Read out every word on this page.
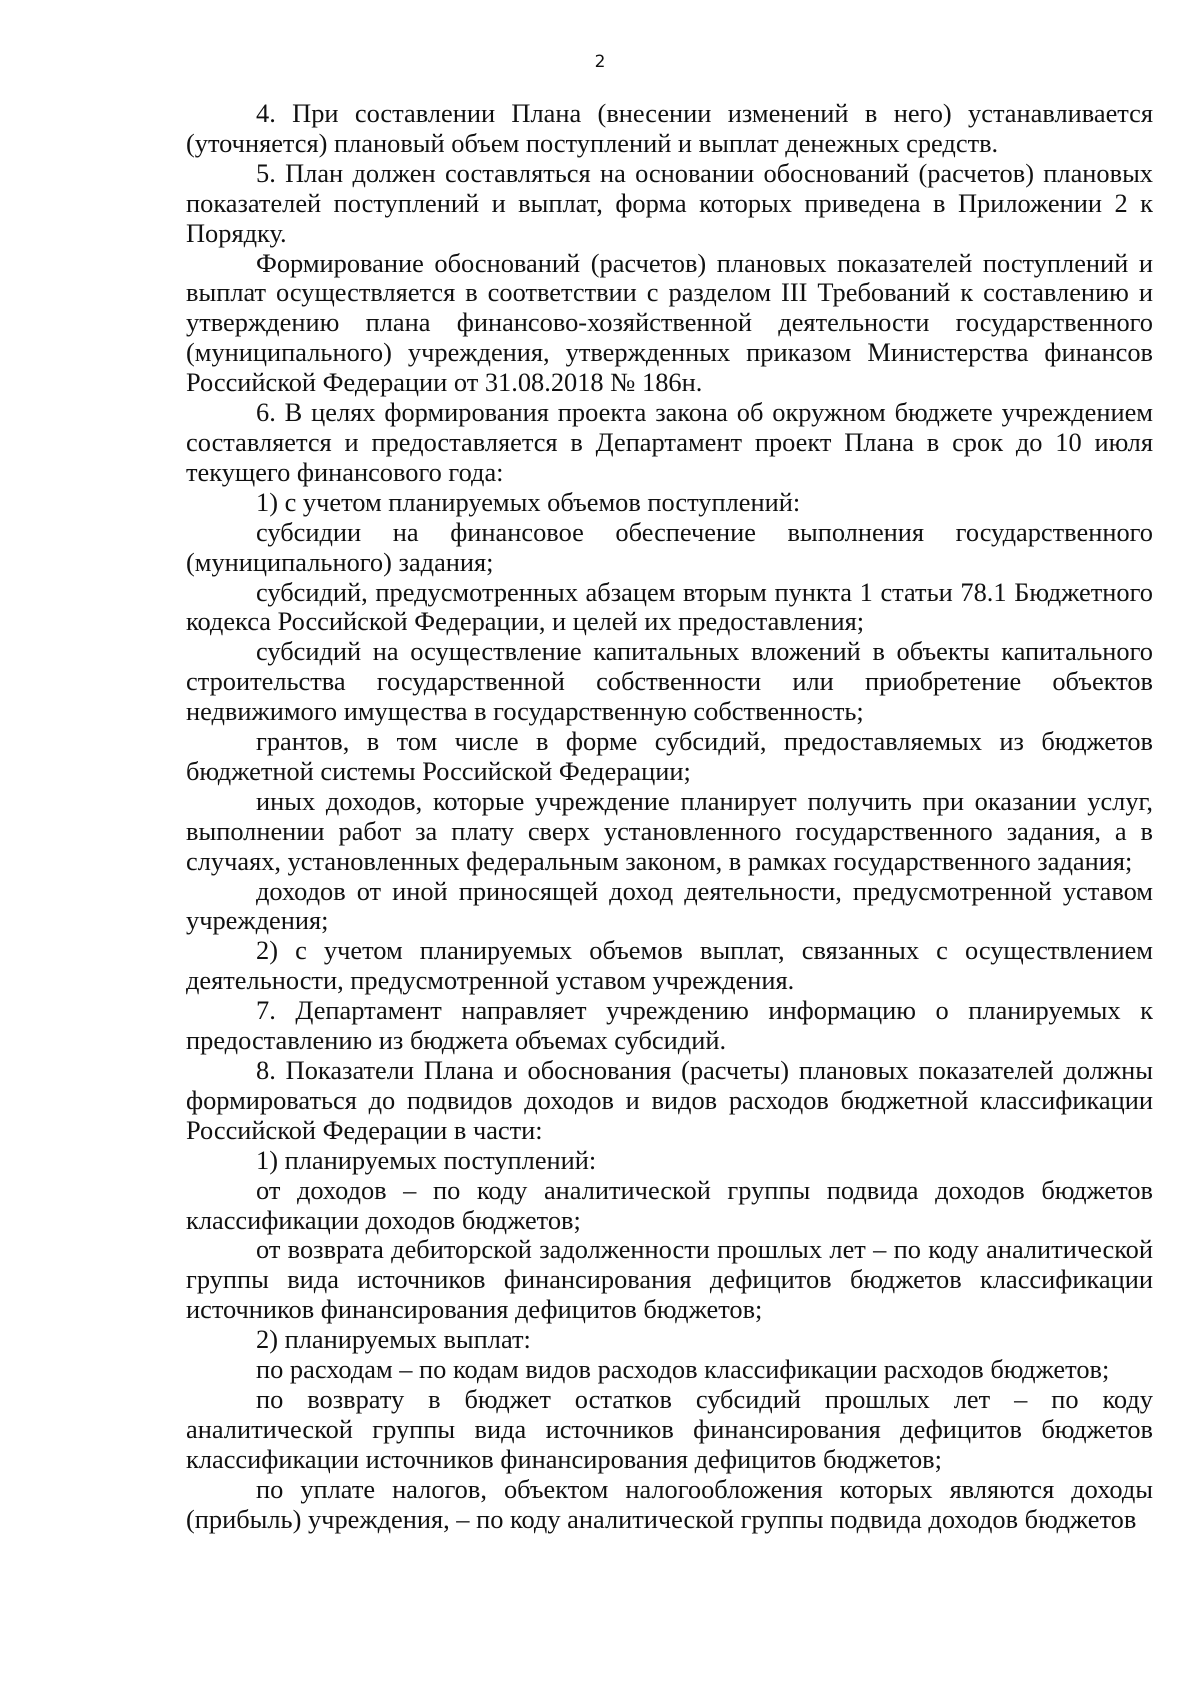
2

4. При составлении Плана (внесении изменений в него) устанавливается (уточняется) плановый объем поступлений и выплат денежных средств.

5. План должен составляться на основании обоснований (расчетов) плановых показателей поступлений и выплат, форма которых приведена в Приложении 2 к Порядку.

Формирование обоснований (расчетов) плановых показателей поступлений и выплат осуществляется в соответствии с разделом III Требований к составлению и утверждению плана финансово-хозяйственной деятельности государственного (муниципального) учреждения, утвержденных приказом Министерства финансов Российской Федерации от 31.08.2018 № 186н.

6. В целях формирования проекта закона об окружном бюджете учреждением составляется и предоставляется в Департамент проект Плана в срок до 10 июля текущего финансового года:

1) с учетом планируемых объемов поступлений:

субсидии на финансовое обеспечение выполнения государственного (муниципального) задания;

субсидий, предусмотренных абзацем вторым пункта 1 статьи 78.1 Бюджетного кодекса Российской Федерации, и целей их предоставления;

субсидий на осуществление капитальных вложений в объекты капитального строительства государственной собственности или приобретение объектов недвижимого имущества в государственную собственность;

грантов, в том числе в форме субсидий, предоставляемых из бюджетов бюджетной системы Российской Федерации;

иных доходов, которые учреждение планирует получить при оказании услуг, выполнении работ за плату сверх установленного государственного задания, а в случаях, установленных федеральным законом, в рамках государственного задания;

доходов от иной приносящей доход деятельности, предусмотренной уставом учреждения;

2) с учетом планируемых объемов выплат, связанных с осуществлением деятельности, предусмотренной уставом учреждения.

7. Департамент направляет учреждению информацию о планируемых к предоставлению из бюджета объемах субсидий.

8. Показатели Плана и обоснования (расчеты) плановых показателей должны формироваться до подвидов доходов и видов расходов бюджетной классификации Российской Федерации в части:

1) планируемых поступлений:

от доходов – по коду аналитической группы подвида доходов бюджетов классификации доходов бюджетов;

от возврата дебиторской задолженности прошлых лет – по коду аналитической группы вида источников финансирования дефицитов бюджетов классификации источников финансирования дефицитов бюджетов;

2) планируемых выплат:

по расходам – по кодам видов расходов классификации расходов бюджетов;

по возврату в бюджет остатков субсидий прошлых лет – по коду аналитической группы вида источников финансирования дефицитов бюджетов классификации источников финансирования дефицитов бюджетов;

по уплате налогов, объектом налогообложения которых являются доходы (прибыль) учреждения, – по коду аналитической группы подвида доходов бюджетов
